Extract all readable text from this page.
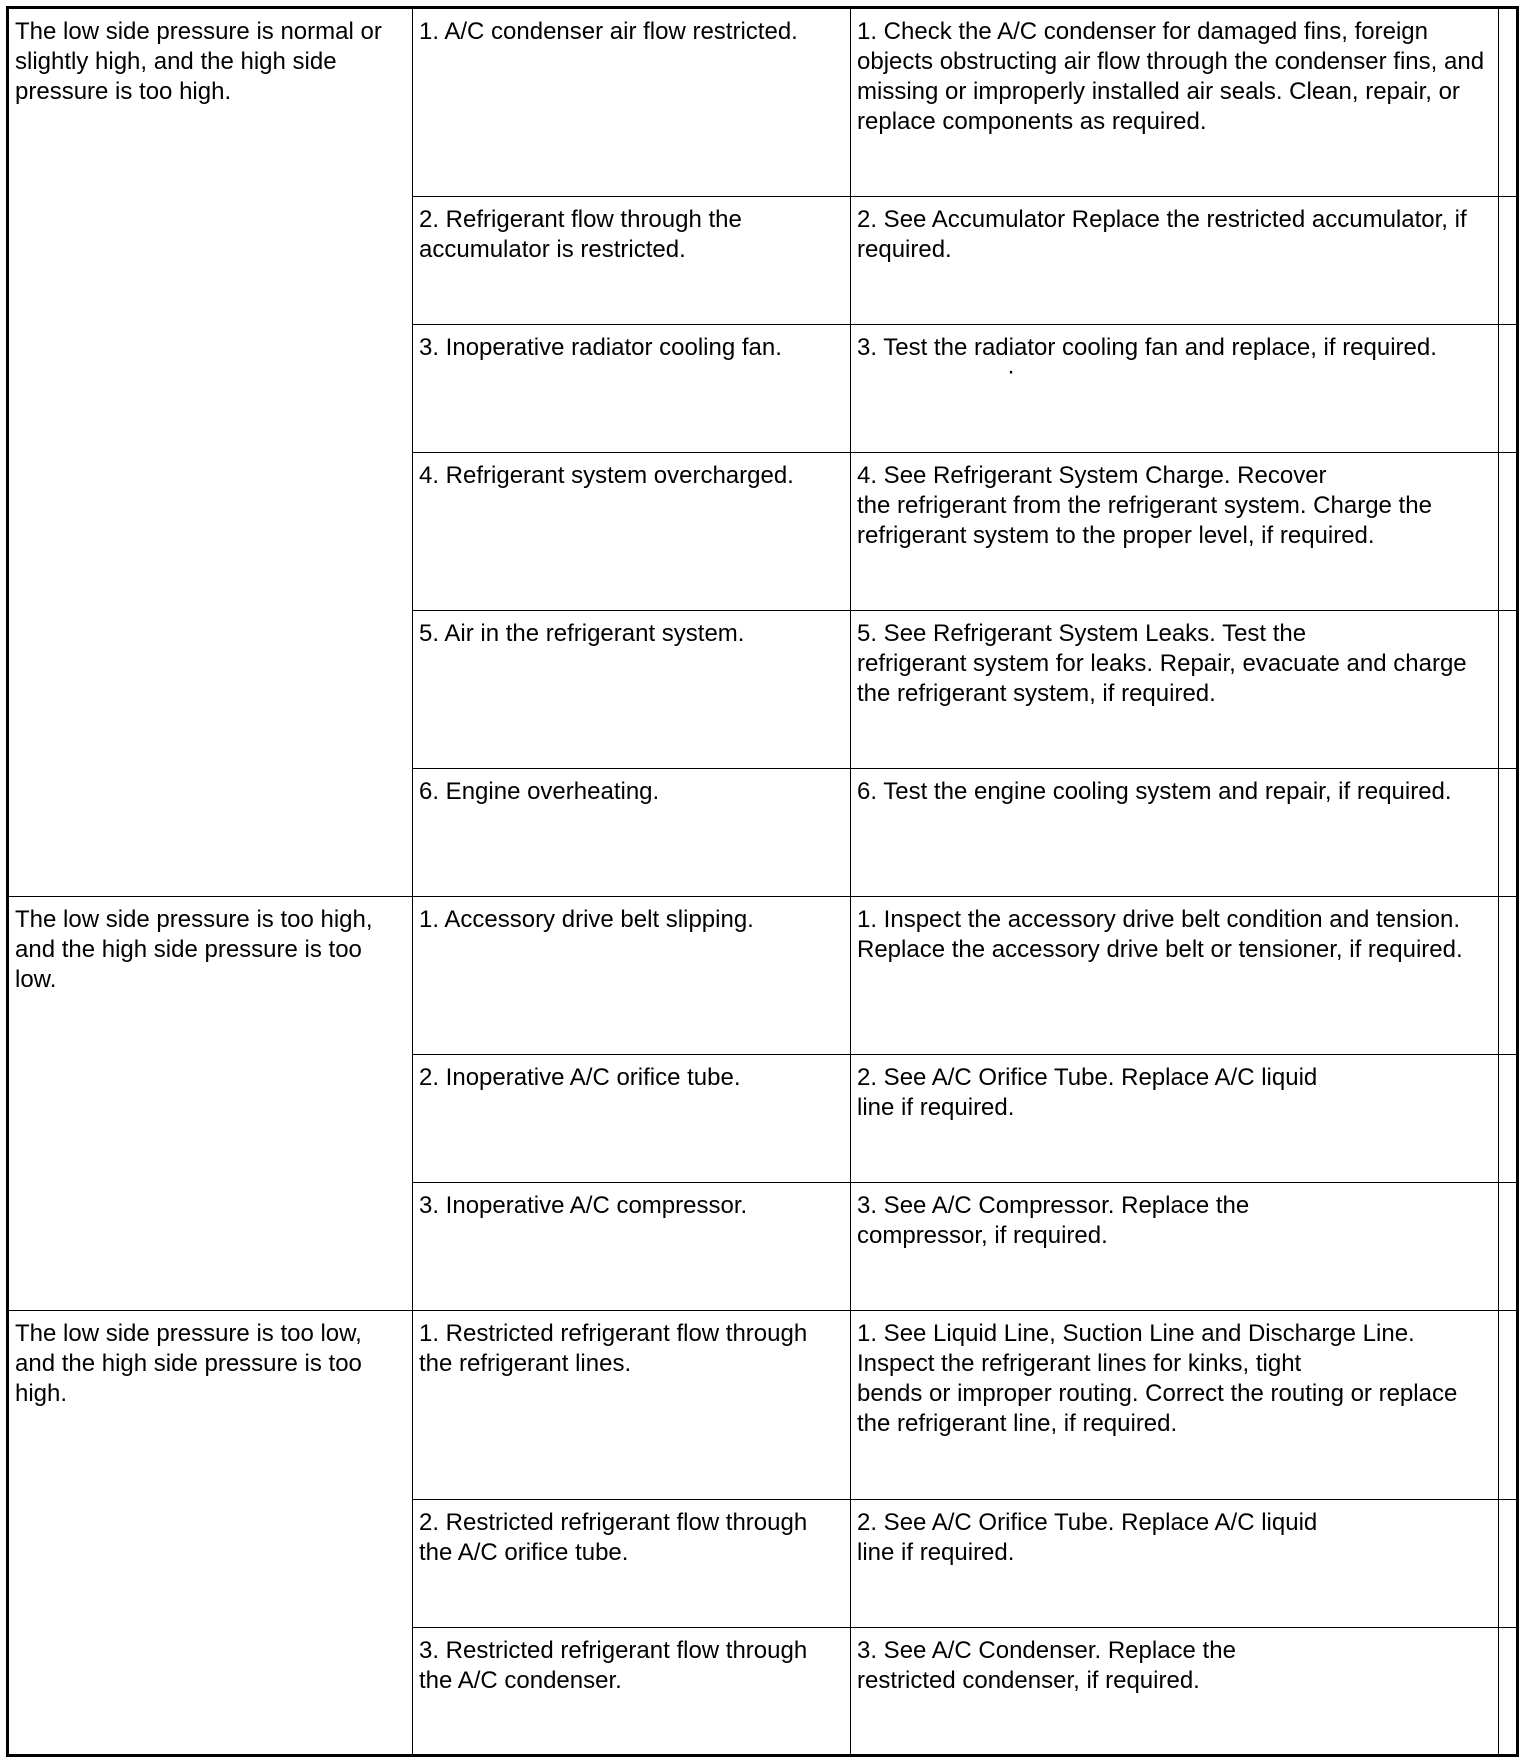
The low side pressure is normal or slightly high, and the high side pressure is too high.	1. A/C condenser air flow restricted.	1. Check the A/C condenser for damaged fins, foreign objects obstructing air flow through the condenser fins, and missing or improperly installed air seals. Clean, repair, or replace components as required.	
	2. Refrigerant flow through the accumulator is restricted.	2. See Accumulator Replace the restricted accumulator, if required.	
	3. Inoperative radiator cooling fan.	3. Test the radiator cooling fan and replace, if required.
·	

	4. Refrigerant system overcharged.	4. See Refrigerant System Charge. Recover
the refrigerant from the refrigerant system. Charge the refrigerant system to the proper level, if required.	
	5. Air in the refrigerant system.	5. See Refrigerant System Leaks. Test the
refrigerant system for leaks. Repair, evacuate and charge the refrigerant system, if required.	
	6. Engine overheating.	6. Test the engine cooling system and repair, if required.	
The low side pressure is too high, and the high side pressure is too low.	1. Accessory drive belt slipping.	1. Inspect the accessory drive belt condition and tension. Replace the accessory drive belt or tensioner, if required.	
	2. Inoperative A/C orifice tube.	2. See A/C Orifice Tube. Replace A/C liquid
line if required.	
	3. Inoperative A/C compressor.	3. See A/C Compressor. Replace the
compressor, if required.	
The low side pressure is too low, and the high side pressure is too high.	1. Restricted refrigerant flow through the refrigerant lines.	1. See Liquid Line, Suction Line and Discharge Line.
Inspect the refrigerant lines for kinks, tight
bends or improper routing. Correct the routing or replace the refrigerant line, if required.	
	2. Restricted refrigerant flow through the A/C orifice tube.	2. See A/C Orifice Tube. Replace A/C liquid
line if required.	
	3. Restricted refrigerant flow through the A/C condenser.	3. See A/C Condenser. Replace the
restricted condenser, if required.	
